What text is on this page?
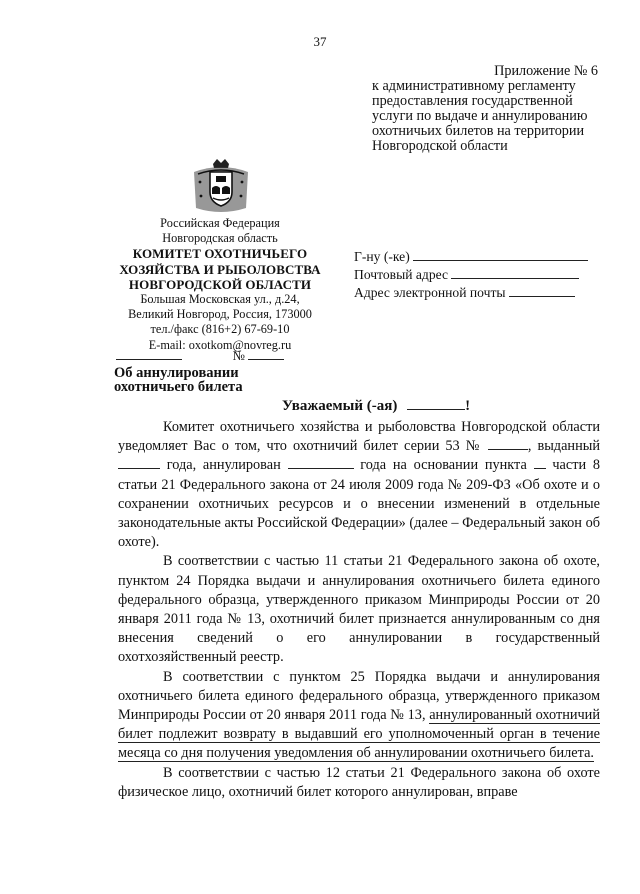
37
Приложение № 6
к административному регламенту
предоставления государственной
услуги по выдаче и аннулированию
охотничьих билетов на территории
Новгородской области
Российская Федерация
Новгородская область
КОМИТЕТ ОХОТНИЧЬЕГО
ХОЗЯЙСТВА И РЫБОЛОВСТВА
НОВГОРОДСКОЙ ОБЛАСТИ
Большая Московская ул., д.24,
Великий Новгород, Россия, 173000
тел./факс (816+2) 67-69-10
E-mail: oxotkom@novreg.ru
Г-ну (-ке)
Почтовый адрес
Адрес электронной почты
№
Об аннулировании
охотничьего билета
Уважаемый (-ая)	!

Комитет охотничьего хозяйства и рыболовства Новгородской области уведомляет Вас о том, что охотничий билет серии 53 №	, выданный  года, аннулирован	года на основании пункта части 8 статьи 21 Федерального закона от 24 июля 2009 года № 209-ФЗ «Об охоте и о сохранении охотничьих ресурсов и о внесении изменений в отдельные законодательные акты Российской Федерации» (далее – Федеральный закон об охоте).

В соответствии с частью 11 статьи 21 Федерального закона об охоте, пунктом 24 Порядка выдачи и аннулирования охотничьего билета единого федерального образца, утвержденного приказом Минприроды России от 20 января 2011 года № 13, охотничий билет признается аннулированным со дня внесения сведений о его аннулировании в государственный охотхозяйственный реестр.

В соответствии с пунктом 25 Порядка выдачи и аннулирования охотничьего билета единого федерального образца, утвержденного приказом Минприроды России от 20 января 2011 года № 13, аннулированный охотничий билет подлежит возврату в выдавший его уполномоченный орган в течение месяца со дня получения уведомления об аннулировании охотничьего билета.

В соответствии с частью 12 статьи 21 Федерального закона об охоте физическое лицо, охотничий билет которого аннулирован, вправе
